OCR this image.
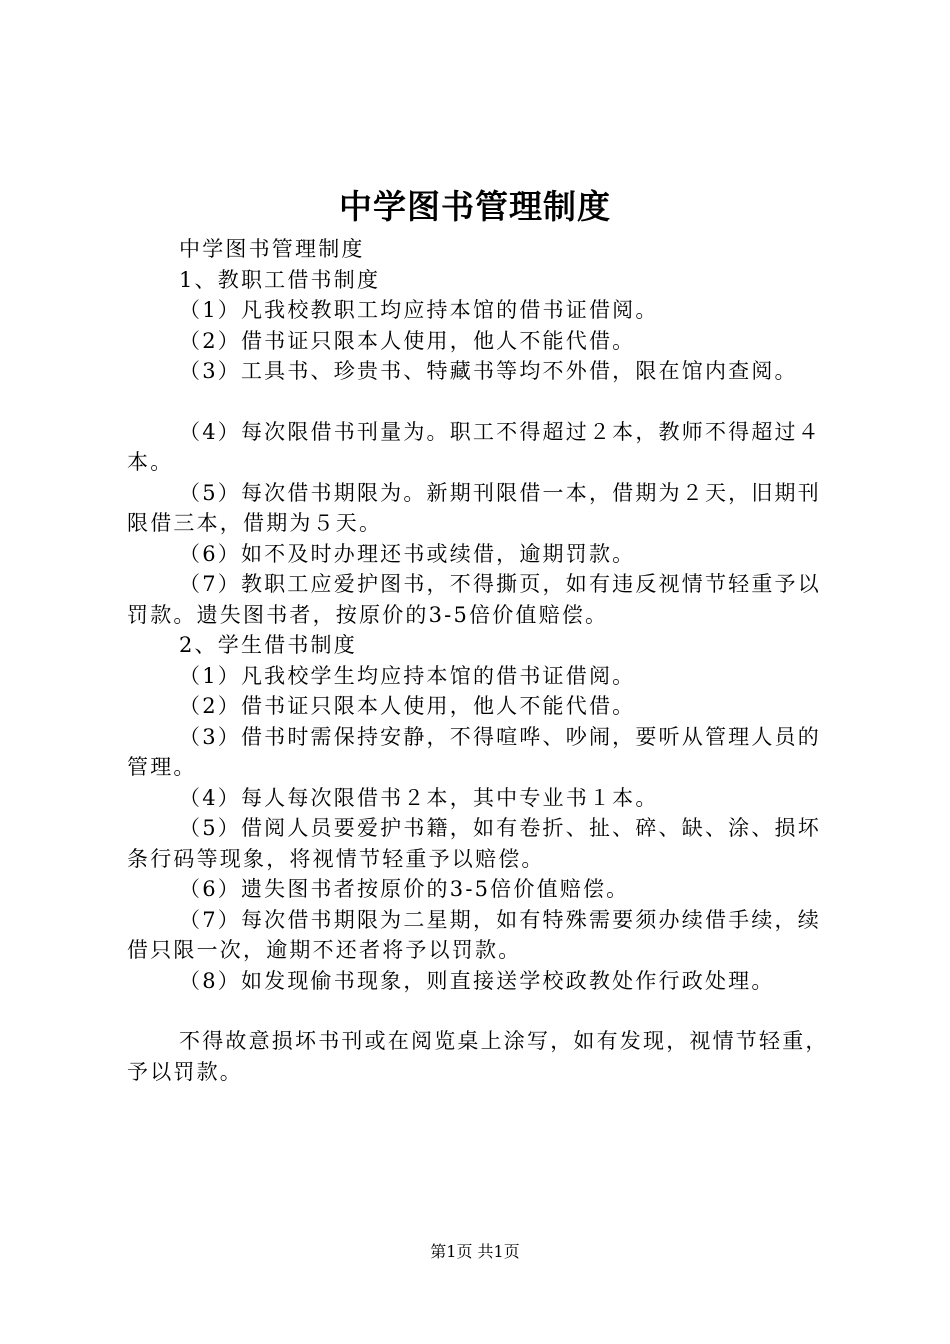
中学图书管理制度

中学图书管理制度

1、教职工借书制度

（1）凡我校教职工均应持本馆的借书证借阅。

（2）借书证只限本人使用，他人不能代借。

（3）工具书、珍贵书、特藏书等均不外借，限在馆内查阅。

（4）每次限借书刊量为。职工不得超过２本，教师不得超过４本。

（5）每次借书期限为。新期刊限借一本，借期为２天，旧期刊限借三本，借期为５天。

（6）如不及时办理还书或续借，逾期罚款。

（7）教职工应爱护图书，不得撕页，如有违反视情节轻重予以罚款。遗失图书者，按原价的3-5倍价值赔偿。

2、学生借书制度

（1）凡我校学生均应持本馆的借书证借阅。

（2）借书证只限本人使用，他人不能代借。

（3）借书时需保持安静，不得喧哗、吵闹，要听从管理人员的管理。

（4）每人每次限借书２本，其中专业书１本。

（5）借阅人员要爱护书籍，如有卷折、扯、碎、缺、涂、损坏条行码等现象，将视情节轻重予以赔偿。

（6）遗失图书者按原价的3-5倍价值赔偿。

（7）每次借书期限为二星期，如有特殊需要须办续借手续，续借只限一次，逾期不还者将予以罚款。

（8）如发现偷书现象，则直接送学校政教处作行政处理。

不得故意损坏书刊或在阅览桌上涂写，如有发现，视情节轻重，予以罚款。

第1页 共1页
